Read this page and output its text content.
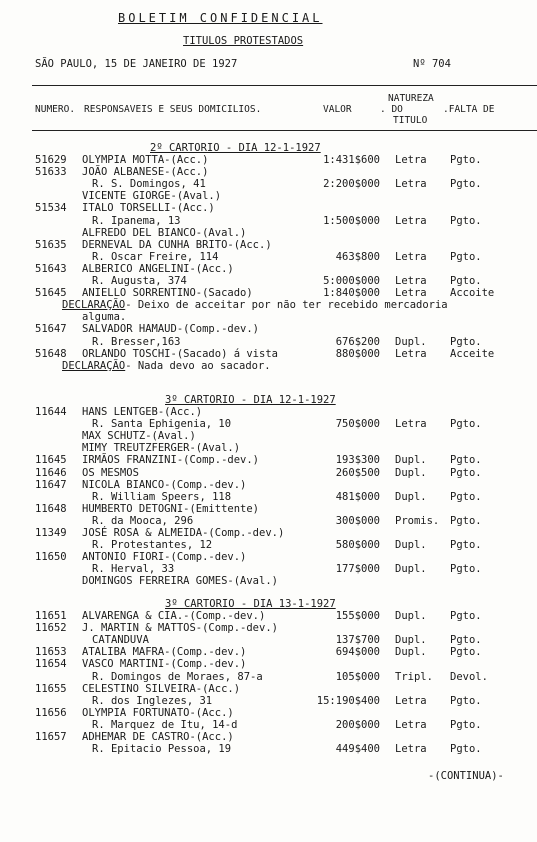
BOLETIM CONFIDENCIAL
TITULOS PROTESTADOS
SÃO PAULO, 15 DE JANEIRO DE 1927	Nº 704
NUMERO. RESPONSAVEIS E SEUS DOMICILIOS.	VALOR
NATUREZA
. DO
TITULO
.FALTA DE
2º CARTORIO - DIA 12-1-1927
51629 OLYMPIA MOTTA-(Acc.)	1:431$600 Letra Pgto.
51633 JOÃO ALBANESE-(Acc.)
R. S. Domingos, 41	2:200$000 Letra Pgto.
VICENTE GIORGE-(Aval.)
51534 ITALO TORSELLI-(Acc.)
R. Ipanema, 13	1:500$000 Letra Pgto.
ALFREDO DEL BIANCO-(Aval.)
51635 DERNEVAL DA CUNHA BRITO-(Acc.)
R. Oscar Freire, 114	463$800 Letra Pgto.
51643 ALBERICO ANGELINI-(Acc.)
R. Augusta, 374	5:000$000 Letra Pgto.
51645 ANIELLO SORRENTINO-(Sacado)	1:840$000 Letra Accoite
DECLARAÇÃO- Deixo de acceitar por não ter recebido mercadoria
alguma.
51647 SALVADOR HAMAUD-(Comp.-dev.)
R. Bresser,163	676$200 Dupl. Pgto.
51648 ORLANDO TOSCHI-(Sacado) á vista	880$000 Letra Acceite
DECLARAÇÃO- Nada devo ao sacador.
3º CARTORIO - DIA 12-1-1927
11644 HANS LENTGEB-(Acc.)
R. Santa Ephigenia, 10	750$000 Letra Pgto.
MAX SCHUTZ-(Aval.)
MIMY TREUTZFERGER-(Aval.)
11645 IRMÃOS FRANZINI-(Comp.-dev.)	193$300 Dupl. Pgto.
11646 OS MESMOS	260$500 Dupl. Pgto.
11647 NICOLA BIANCO-(Comp.-dev.)
R. William Speers, 118	481$000 Dupl. Pgto.
11648 HUMBERTO DETOGNI-(Emittente)
R. da Mooca, 296	300$000 Promis. Pgto.
11349 JOSÉ ROSA & ALMEIDA-(Comp.-dev.)
R. Protestantes, 12	580$000 Dupl. Pgto.
11650 ANTONIO FIORI-(Comp.-dev.)
R. Herval, 33	177$000 Dupl. Pgto.
DOMINGOS FERREIRA GOMES-(Aval.)
3º CARTORIO - DIA 13-1-1927
11651 ALVARENGA & CIA.-(Comp.-dev.)	155$000 Dupl. Pgto.
11652 J. MARTIN & MATTOS-(Comp.-dev.)
CATANDUVA	137$700 Dupl. Pgto.
11653 ATALIBA MAFRA-(Comp.-dev.)	694$000 Dupl. Pgto.
11654 VASCO MARTINI-(Comp.-dev.)
R. Domingos de Moraes, 87-a	105$000 Tripl. Devol.
11655 CELESTINO SILVEIRA-(Acc.)
R. dos Inglezes, 31	15:190$400 Letra Pgto.
11656 OLYMPIA FORTUNATO-(Acc.)
R. Marquez de Itu, 14-d	200$000 Letra Pgto.
11657 ADHEMAR DE CASTRO-(Acc.)
R. Epitacio Pessoa, 19	449$400 Letra Pgto.
-(CONTINUA)-
